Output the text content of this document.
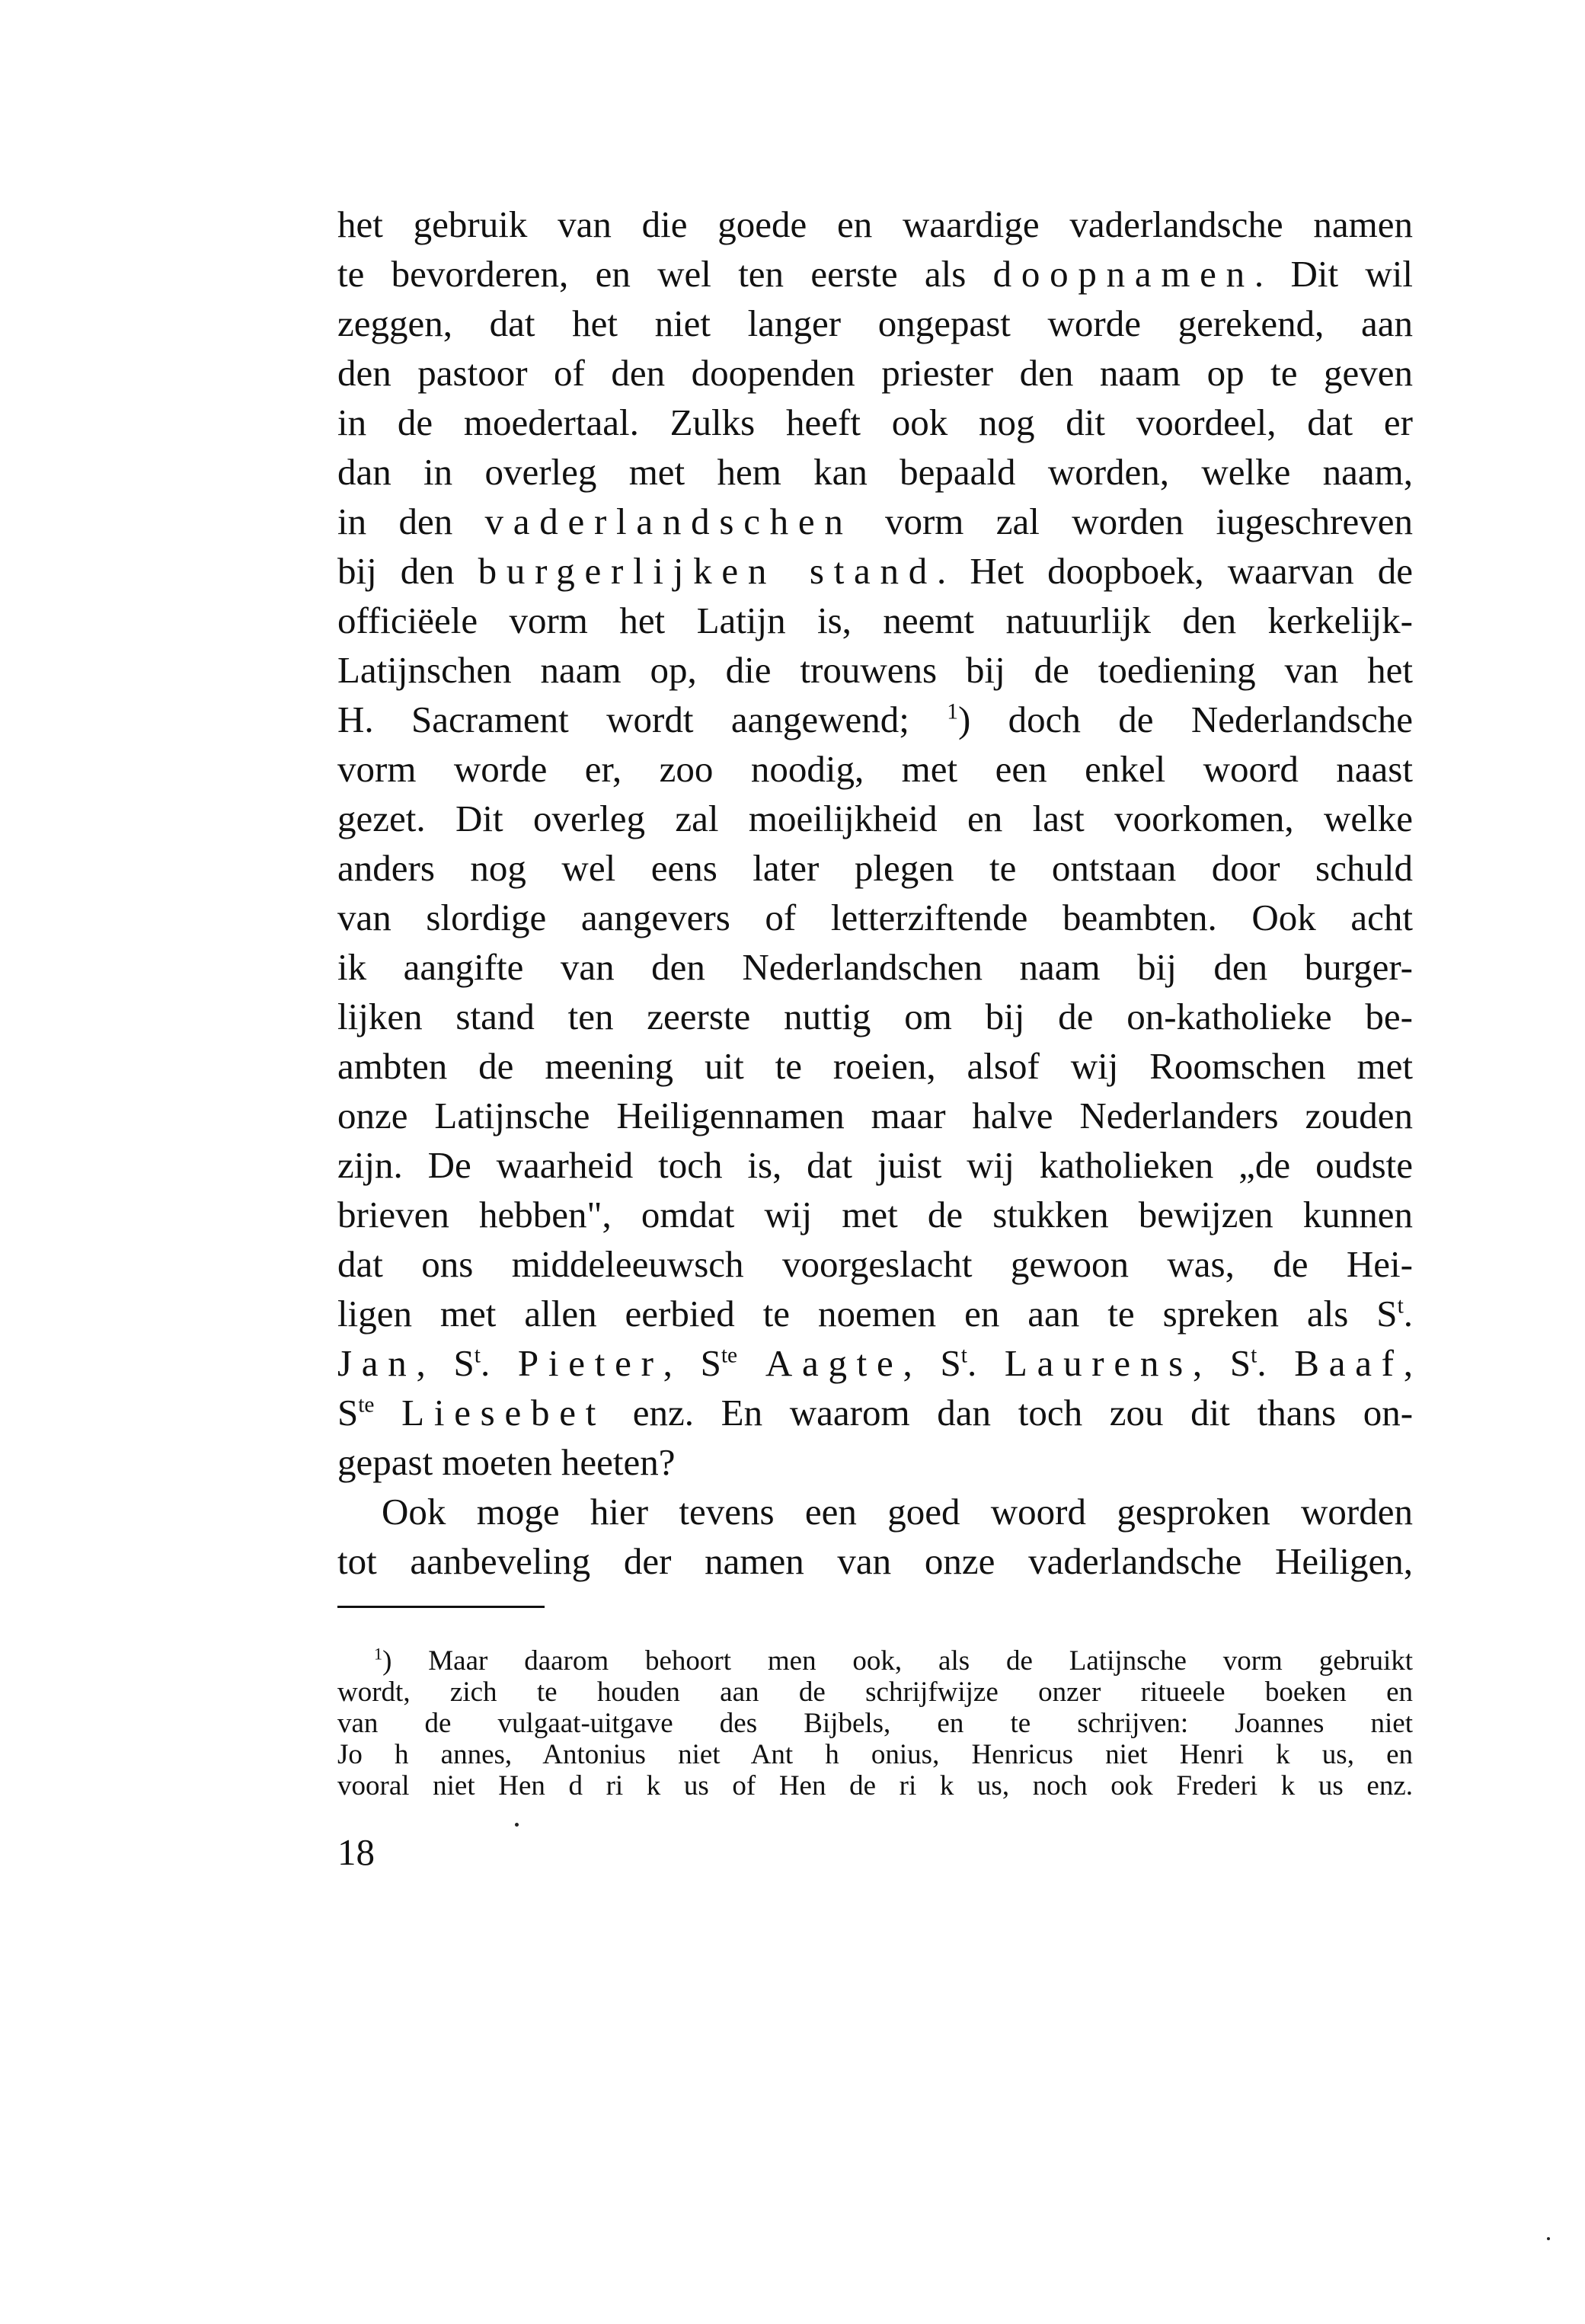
het gebruik van die goede en waardige vaderlandsche namen
te bevorderen, en wel ten eerste als doopnamen. Dit wil
zeggen, dat het niet langer ongepast worde gerekend, aan
den pastoor of den doopenden priester den naam op te geven
in de moedertaal. Zulks heeft ook nog dit voordeel, dat er
dan in overleg met hem kan bepaald worden, welke naam,
in den vaderlandschen vorm zal worden iugeschreven
bij den burgerlijken stand. Het doopboek, waarvan de
officiëele vorm het Latijn is, neemt natuurlijk den kerkelijk-
Latijnschen naam op, die trouwens bij de toediening van het
H. Sacrament wordt aangewend; $^1$) doch de Nederlandsche
vorm worde er, zoo noodig, met een enkel woord naast
gezet. Dit overleg zal moeilijkheid en last voorkomen, welke
anders nog wel eens later plegen te ontstaan door schuld
van slordige aangevers of letterziftende beambten. Ook acht
ik aangifte van den Nederlandschen naam bij den burger-
lijken stand ten zeerste nuttig om bij de on-katholieke be-
ambten de meening uit te roeien, alsof wij Roomschen met
onze Latijnsche Heiligennamen maar halve Nederlanders zouden
zijn. De waarheid toch is, dat juist wij katholieken „de oudste
brieven hebben", omdat wij met de stukken bewijzen kunnen
dat ons middeleeuwsch voorgeslacht gewoon was, de Hei-
ligen met allen eerbied te noemen en aan te spreken als $S^t$.
Jan, $S^t$. Pieter, $S^{te}$ Aagte, $S^t$. Laurens, $S^t$. Baaf,
$S^{te}$ Liesebet enz. En waarom dan toch zou dit thans on-
gepast moeten heeten?
Ook moge hier tevens een goed woord gesproken worden
tot aanbeveling der namen van onze vaderlandsche Heiligen,
$^1$) Maar daarom behoort men ook, als de Latijnsche vorm gebruikt
wordt, zich te houden aan de schrijfwijze onzer ritueele boeken en
van de vulgaat-uitgave des Bijbels, en te schrijven: Joannes niet
Jo h annes, Antonius niet Ant h onius, Henricus niet Henri k us, en
vooral niet Hen d ri k us of Hen de ri k us, noch ook Frederi k us enz.
18
